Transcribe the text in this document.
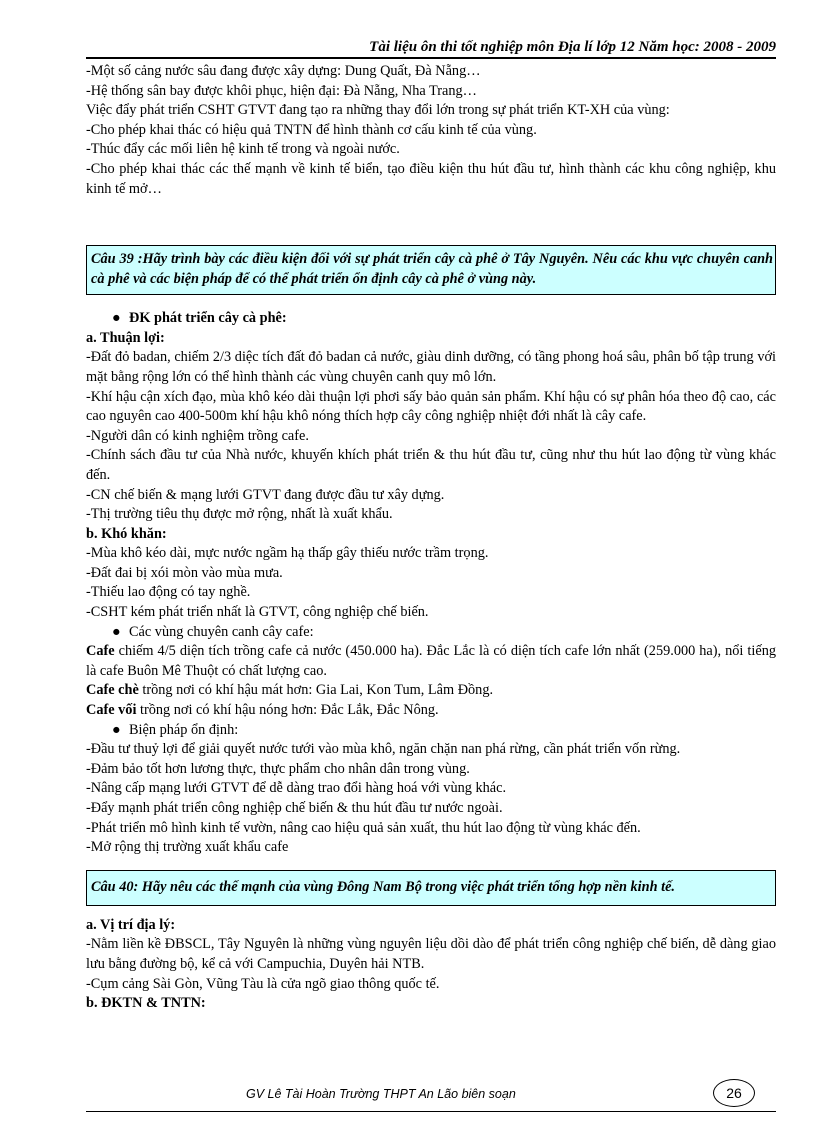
Tài liệu ôn thi tốt nghiệp môn Địa lí lớp 12 Năm học: 2008 - 2009

-Một số cảng nước sâu đang được xây dựng: Dung Quất, Đà Nẵng…

-Hệ thống sân bay được khôi phục, hiện đại: Đà Nẵng, Nha Trang…

Việc đẩy phát triển CSHT GTVT đang tạo ra những thay đổi lớn trong sự phát triển KT-XH của vùng:

-Cho phép khai thác có hiệu quả TNTN để hình thành cơ cấu kinh tế của vùng.

-Thúc đẩy các mối liên hệ kinh tế trong và ngoài nước.

-Cho phép khai thác các thế mạnh về kinh tế biển, tạo điều kiện thu hút đầu tư, hình thành các khu công nghiệp, khu kinh tế mở…

Câu 39 :Hãy trình bày các điều kiện đối với sự phát triển cây cà phê ở Tây Nguyên. Nêu các khu vực chuyên canh cà phê và các biện pháp để có thể phát triển ổn định cây cà phê ở vùng này.

● ĐK phát triển cây cà phê:

a. Thuận lợi:

-Đất đỏ badan, chiếm 2/3 diệc tích đất đỏ badan cả nước, giàu dinh dưỡng, có tầng phong hoá sâu, phân bố tập trung với mặt bằng rộng lớn có thể hình thành các vùng chuyên canh quy mô lớn.

-Khí hậu cận xích đạo, mùa khô kéo dài thuận lợi phơi sấy bảo quản sản phẩm. Khí hậu có sự phân hóa theo độ cao, các cao nguyên cao 400-500m khí hậu khô nóng thích hợp cây công nghiệp nhiệt đới nhất là cây cafe.

-Người dân có kinh nghiệm trồng cafe.

-Chính sách đầu tư của Nhà nước, khuyến khích phát triển & thu hút đầu tư, cũng như thu hút lao động từ vùng khác đến.

-CN chế biến & mạng lưới GTVT đang được đầu tư xây dựng.

-Thị trường tiêu thụ được mở rộng, nhất là xuất khẩu.

b. Khó khăn:

-Mùa khô kéo dài, mực nước ngầm hạ thấp gây thiếu nước trầm trọng.

-Đất đai bị xói mòn vào mùa mưa.

-Thiếu lao động có tay nghề.

-CSHT kém phát triển nhất là GTVT, công nghiệp chế biến.

● Các vùng chuyên canh cây cafe:

Cafe chiếm 4/5 diện tích trồng cafe cả nước (450.000 ha). Đắc Lắc là có diện tích cafe lớn nhất (259.000 ha), nổi tiếng là cafe Buôn Mê Thuột có chất lượng cao.

Cafe chè trồng nơi có khí hậu mát hơn: Gia Lai, Kon Tum, Lâm Đồng.

Cafe vối trồng nơi có khí hậu nóng hơn: Đắc Lắk, Đắc Nông.

● Biện pháp ổn định:

-Đầu tư thuỷ lợi để giải quyết nước tưới vào mùa khô, ngăn chặn nan phá rừng, cần phát triển vốn rừng.

-Đảm bảo tốt hơn lương thực, thực phẩm cho nhân dân trong vùng.

-Nâng cấp mạng lưới GTVT để dễ dàng trao đổi hàng hoá với vùng khác.

-Đẩy mạnh phát triển công nghiệp chế biến & thu hút đầu tư nước ngoài.

-Phát triển mô hình kinh tế vườn, nâng cao hiệu quả sản xuất, thu hút lao động từ vùng khác đến.

-Mở rộng thị trường xuất khẩu cafe

Câu 40: Hãy nêu các thế mạnh của vùng Đông Nam Bộ trong việc phát triển tổng hợp nền kinh tế.

a. Vị trí địa lý:

-Nằm liền kề ĐBSCL, Tây Nguyên là những vùng nguyên liệu dồi dào để phát triển công nghiệp chế biến, dễ dàng giao lưu bằng đường bộ, kể cả với Campuchia, Duyên hải NTB.

-Cụm cảng Sài Gòn, Vũng Tàu là cửa ngõ giao thông quốc tế.

b. ĐKTN & TNTN:

GV Lê Tài Hoàn Trường THPT An Lão biên soạn	26
